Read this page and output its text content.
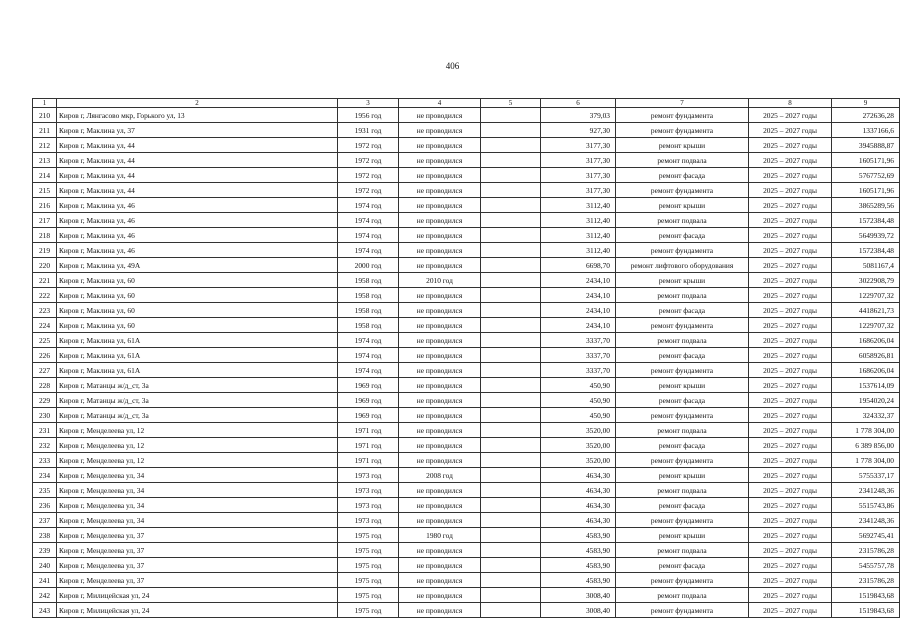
406
1	2	3	4	5	6	7	8	9
210	Киров г, Лянгасово мкр, Горького ул, 13	1956 год	не проводился		379,03	ремонт фундамента	2025 – 2027 годы	272636,28
211	Киров г, Маклина ул, 37	1931 год	не проводился		927,30	ремонт фундамента	2025 – 2027 годы	1337166,6
212	Киров г, Маклина ул, 44	1972 год	не проводился		3177,30	ремонт крыши	2025 – 2027 годы	3945888,87
213	Киров г, Маклина ул, 44	1972 год	не проводился		3177,30	ремонт подвала	2025 – 2027 годы	1605171,96
214	Киров г, Маклина ул, 44	1972 год	не проводился		3177,30	ремонт фасада	2025 – 2027 годы	5767752,69
215	Киров г, Маклина ул, 44	1972 год	не проводился		3177,30	ремонт фундамента	2025 – 2027 годы	1605171,96
216	Киров г, Маклина ул, 46	1974 год	не проводился		3112,40	ремонт крыши	2025 – 2027 годы	3865289,56
217	Киров г, Маклина ул, 46	1974 год	не проводился		3112,40	ремонт подвала	2025 – 2027 годы	1572384,48
218	Киров г, Маклина ул, 46	1974 год	не проводился		3112,40	ремонт фасада	2025 – 2027 годы	5649939,72
219	Киров г, Маклина ул, 46	1974 год	не проводился		3112,40	ремонт фундамента	2025 – 2027 годы	1572384,48
220	Киров г, Маклина ул, 49А	2000 год	не проводился		6698,70	ремонт лифтового оборудования	2025 – 2027 годы	5081167,4
221	Киров г, Маклина ул, 60	1958 год	2010 год		2434,10	ремонт крыши	2025 – 2027 годы	3022908,79
222	Киров г, Маклина ул, 60	1958 год	не проводился		2434,10	ремонт подвала	2025 – 2027 годы	1229707,32
223	Киров г, Маклина ул, 60	1958 год	не проводился		2434,10	ремонт фасада	2025 – 2027 годы	4418621,73
224	Киров г, Маклина ул, 60	1958 год	не проводился		2434,10	ремонт фундамента	2025 – 2027 годы	1229707,32
225	Киров г, Маклина ул, 61А	1974 год	не проводился		3337,70	ремонт подвала	2025 – 2027 годы	1686206,04
226	Киров г, Маклина ул, 61А	1974 год	не проводился		3337,70	ремонт фасада	2025 – 2027 годы	6058926,81
227	Киров г, Маклина ул, 61А	1974 год	не проводился		3337,70	ремонт фундамента	2025 – 2027 годы	1686206,04
228	Киров г, Матанцы ж/д_ст, 3а	1969 год	не проводился		450,90	ремонт крыши	2025 – 2027 годы	1537614,09
229	Киров г, Матанцы ж/д_ст, 3а	1969 год	не проводился		450,90	ремонт фасада	2025 – 2027 годы	1954020,24
230	Киров г, Матанцы ж/д_ст, 3а	1969 год	не проводился		450,90	ремонт фундамента	2025 – 2027 годы	324332,37
231	Киров г, Менделеева ул, 12	1971 год	не проводился		3520,00	ремонт подвала	2025 – 2027 годы	1 778 304,00
232	Киров г, Менделеева ул, 12	1971 год	не проводился		3520,00	ремонт фасада	2025 – 2027 годы	6 389 856,00
233	Киров г, Менделеева ул, 12	1971 год	не проводился		3520,00	ремонт фундамента	2025 – 2027 годы	1 778 304,00
234	Киров г, Менделеева ул, 34	1973 год	2008 год		4634,30	ремонт крыши	2025 – 2027 годы	5755337,17
235	Киров г, Менделеева ул, 34	1973 год	не проводился		4634,30	ремонт подвала	2025 – 2027 годы	2341248,36
236	Киров г, Менделеева ул, 34	1973 год	не проводился		4634,30	ремонт фасада	2025 – 2027 годы	5515743,86
237	Киров г, Менделеева ул, 34	1973 год	не проводился		4634,30	ремонт фундамента	2025 – 2027 годы	2341248,36
238	Киров г, Менделеева ул, 37	1975 год	1980 год		4583,90	ремонт крыши	2025 – 2027 годы	5692745,41
239	Киров г, Менделеева ул, 37	1975 год	не проводился		4583,90	ремонт подвала	2025 – 2027 годы	2315786,28
240	Киров г, Менделеева ул, 37	1975 год	не проводился		4583,90	ремонт фасада	2025 – 2027 годы	5455757,78
241	Киров г, Менделеева ул, 37	1975 год	не проводился		4583,90	ремонт фундамента	2025 – 2027 годы	2315786,28
242	Киров г, Милицейская ул, 24	1975 год	не проводился		3008,40	ремонт подвала	2025 – 2027 годы	1519843,68
243	Киров г, Милицейская ул, 24	1975 год	не проводился		3008,40	ремонт фундамента	2025 – 2027 годы	1519843,68
